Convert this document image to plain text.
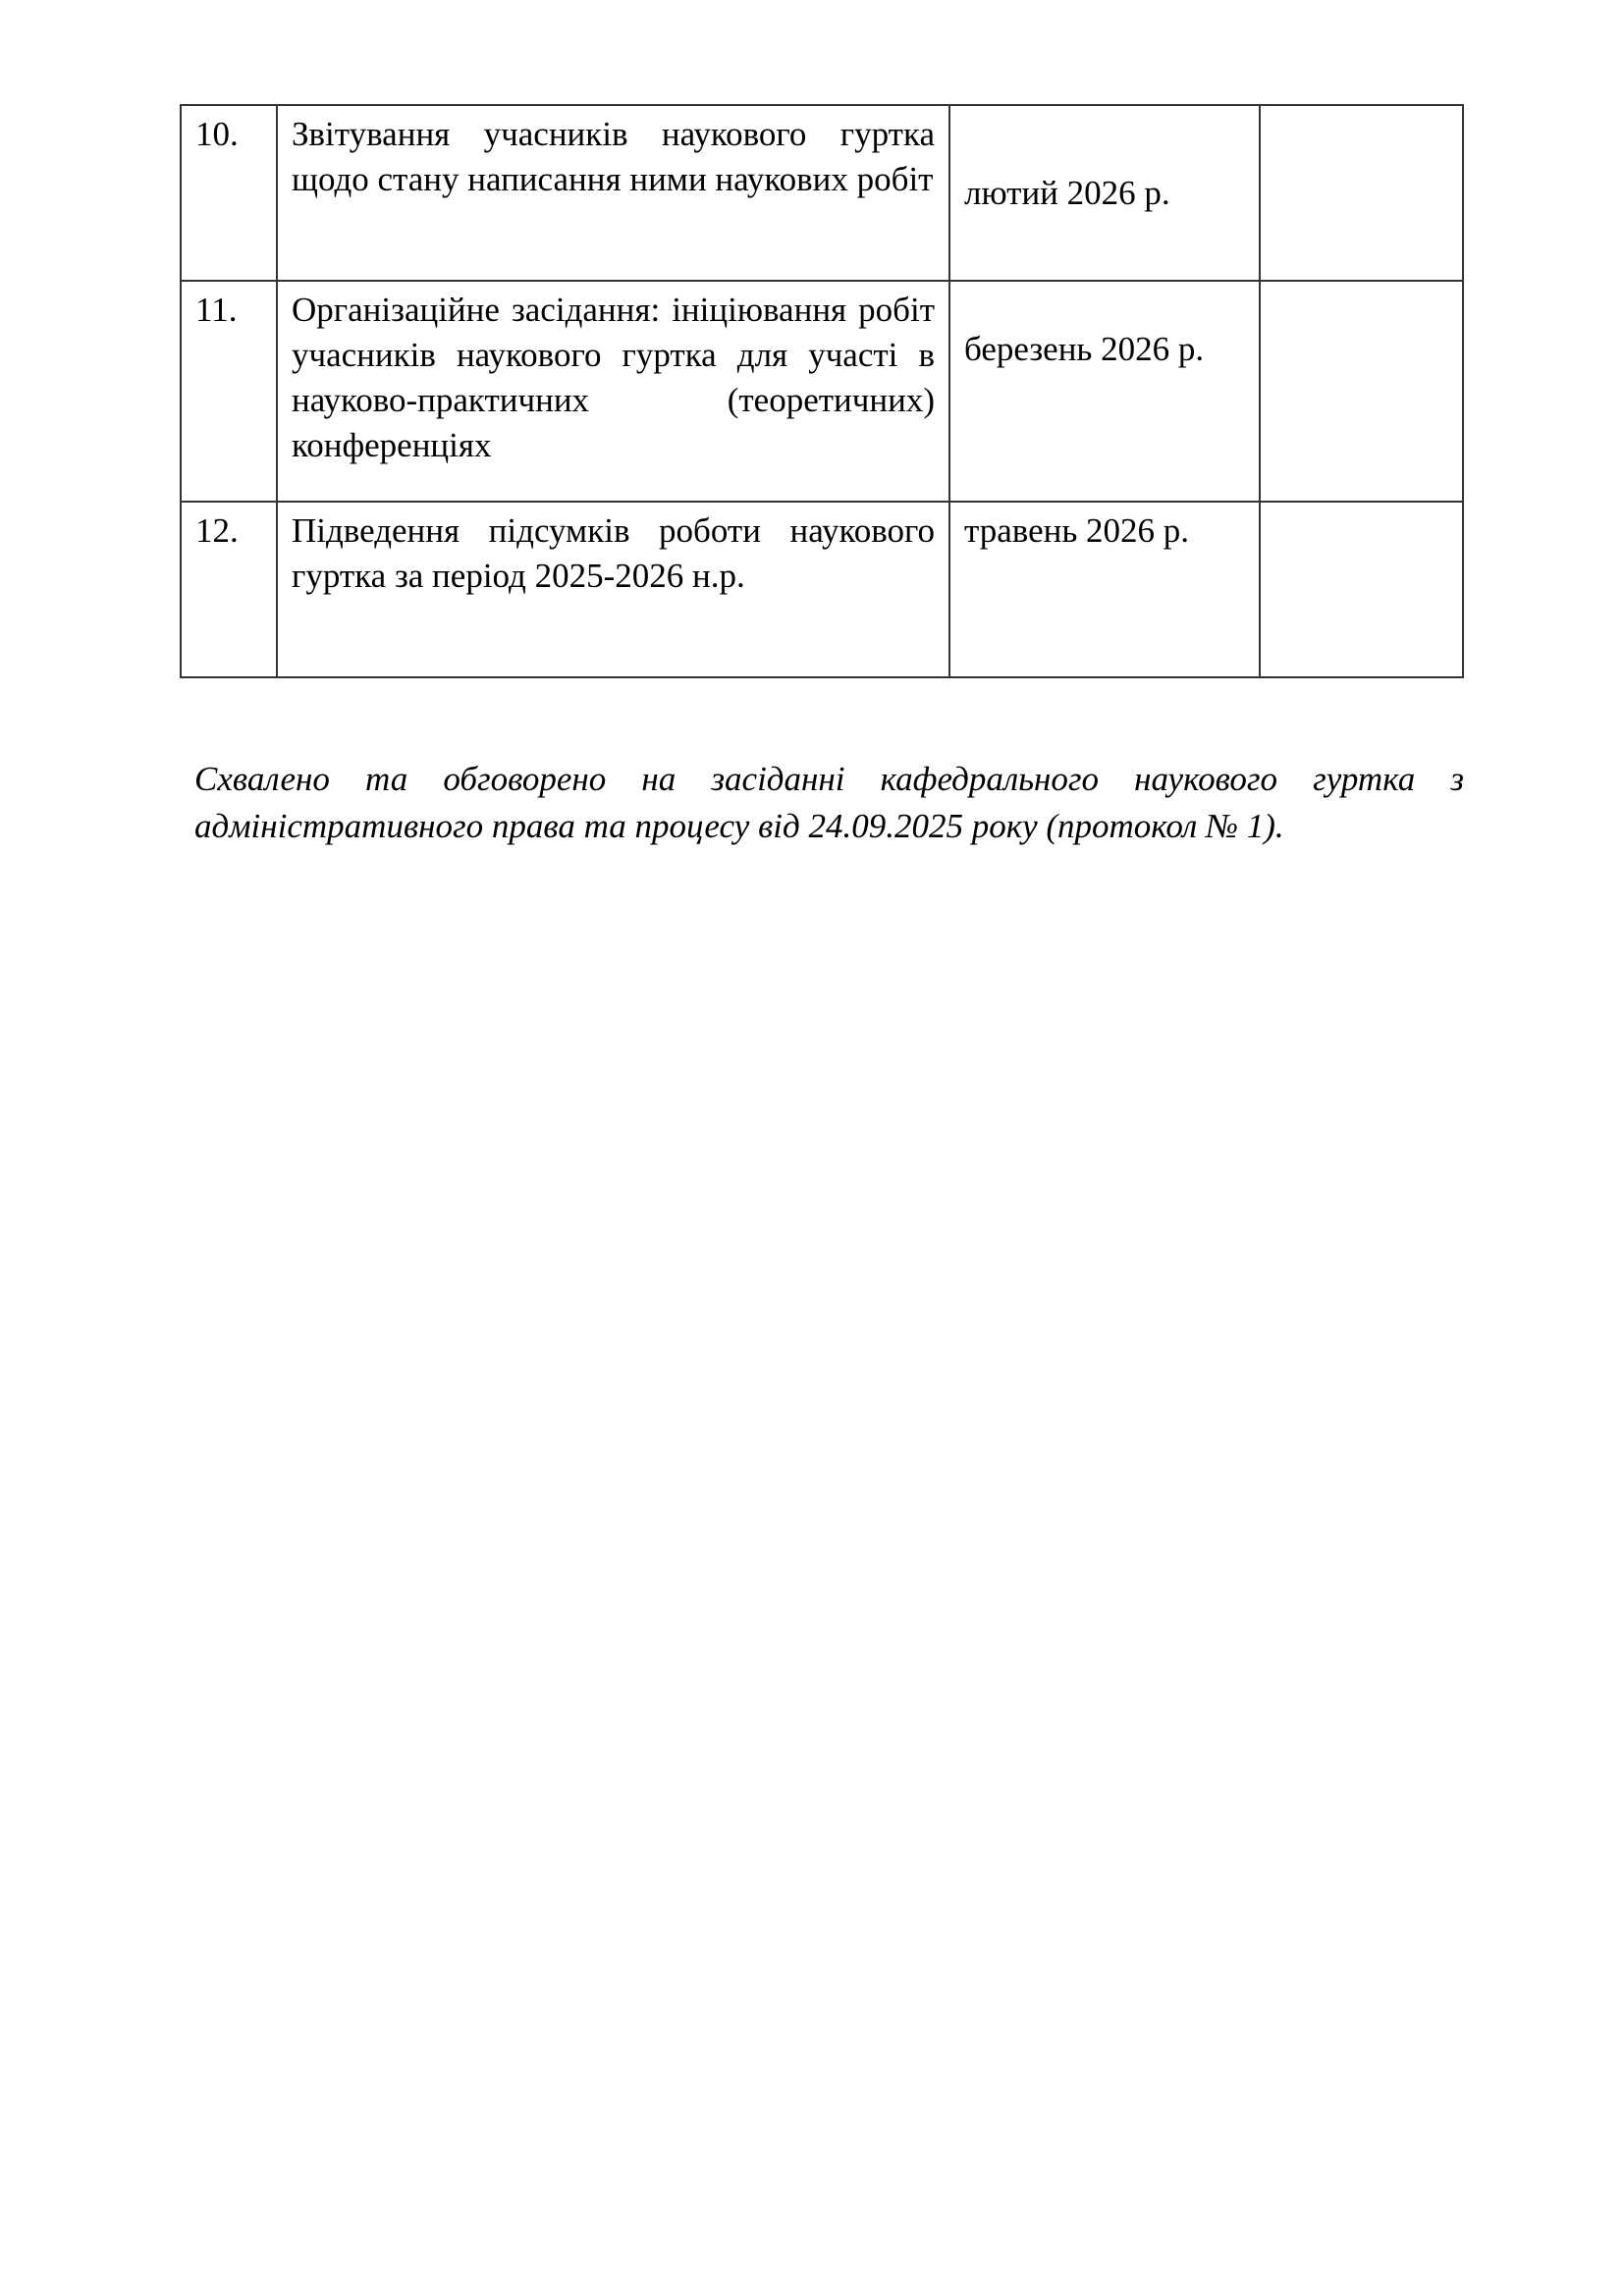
10.	Звітування учасників наукового гуртка щодо стану написання ними наукових робіт	лютий 2026 р.	
11.	Організаційне засідання: ініціювання робіт учасників наукового гуртка для участі в науково-практичних (теоретичних) конференціях	березень 2026 р.	
12.	Підведення підсумків роботи наукового гуртка за період 2025-2026 н.р.	травень 2026 р.	

Схвалено та обговорено на засіданні кафедрального наукового гуртка з адміністративного права та процесу від 24.09.2025 року (протокол № 1).
